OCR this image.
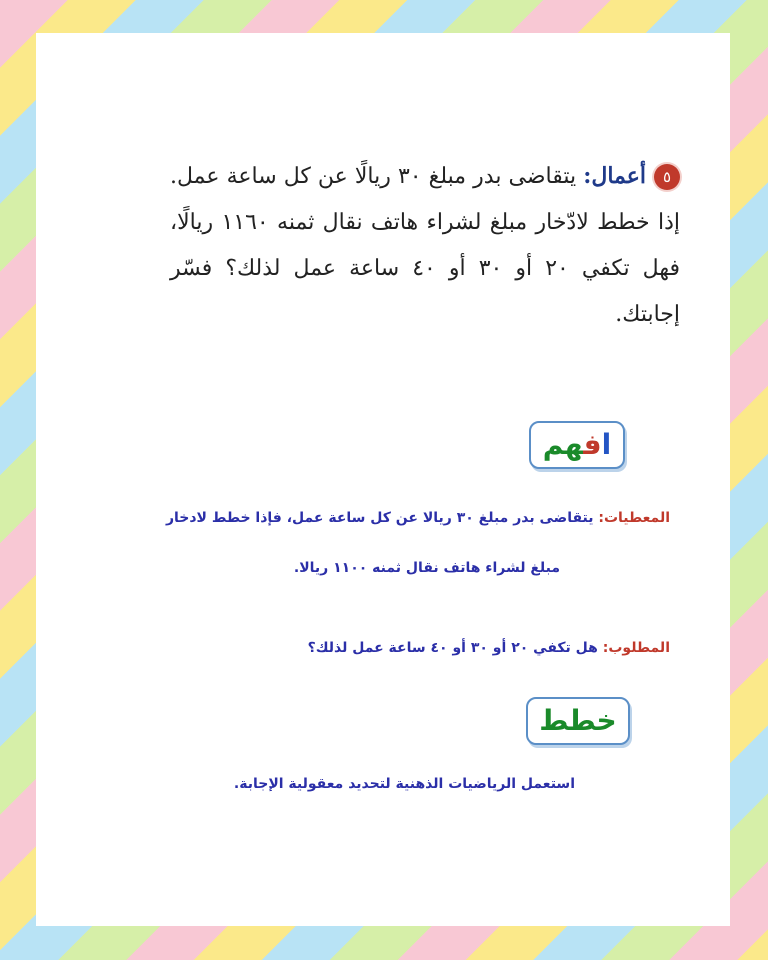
٥أعمال: يتقاضى بدر مبلغ ٣٠ ريالًا عن كل ساعة عمل. إذا خطط لادّخار مبلغ لشراء هاتف نقال ثمنه ١١٦٠ ريالًا، فهل تكفي ٢٠ أو ٣٠ أو ٤٠ ساعة عمل لذلك؟ فسّر إجابتك.
افهم
المعطيات: يتقاضى بدر مبلغ ٣٠ ريالا عن كل ساعة عمل، فإذا خطط لادخار
مبلغ لشراء هاتف نقال ثمنه ١١٠٠ ريالا.
المطلوب: هل تكفي ٢٠ أو ٣٠ أو ٤٠ ساعة عمل لذلك؟
خطط
استعمل الرياضيات الذهنية لتحديد معقولية الإجابة.
